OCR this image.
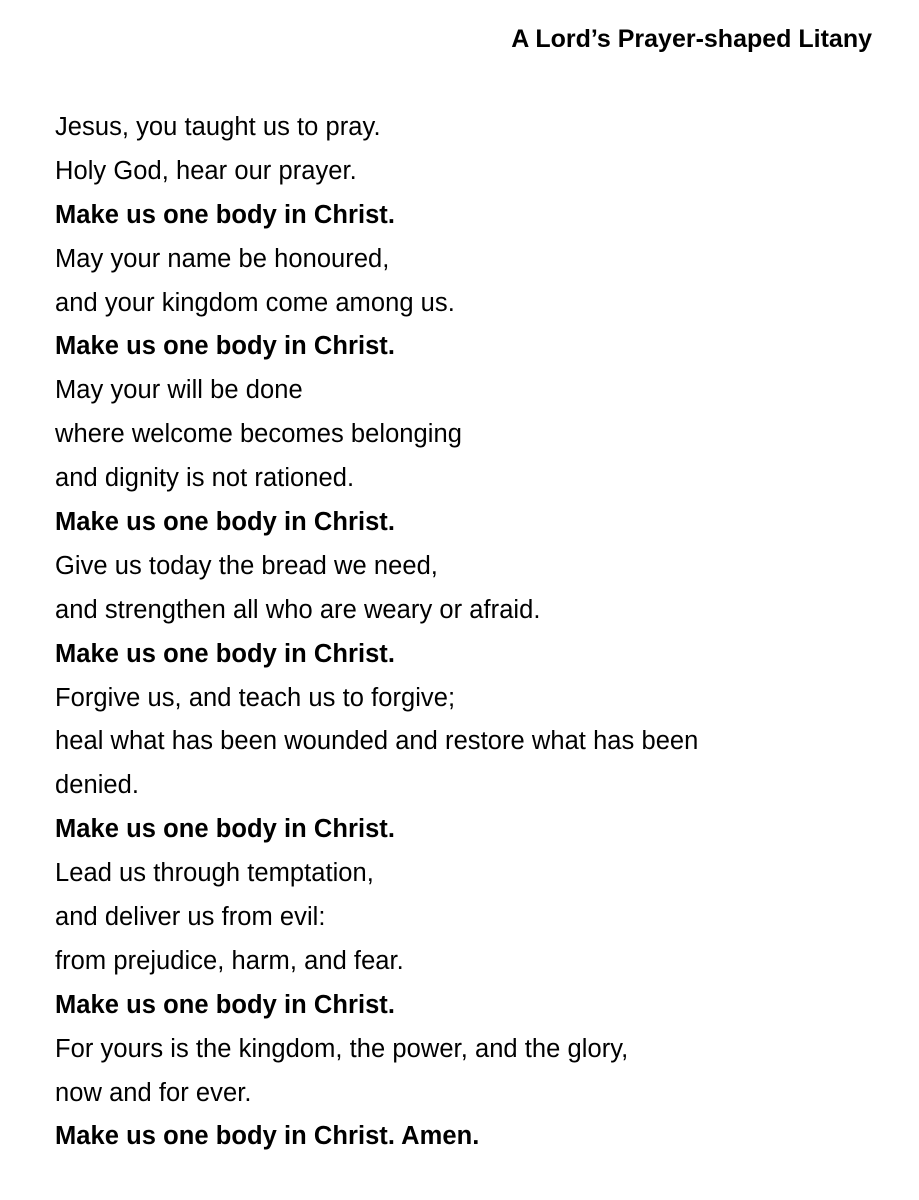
A Lord’s Prayer-shaped Litany
Jesus, you taught us to pray.
Holy God, hear our prayer.
Make us one body in Christ.
May your name be honoured,
and your kingdom come among us.
Make us one body in Christ.
May your will be done
where welcome becomes belonging
and dignity is not rationed.
Make us one body in Christ.
Give us today the bread we need,
and strengthen all who are weary or afraid.
Make us one body in Christ.
Forgive us, and teach us to forgive;
heal what has been wounded and restore what has been
denied.
Make us one body in Christ.
Lead us through temptation,
and deliver us from evil:
from prejudice, harm, and fear.
Make us one body in Christ.
For yours is the kingdom, the power, and the glory,
now and for ever.
Make us one body in Christ. Amen.
